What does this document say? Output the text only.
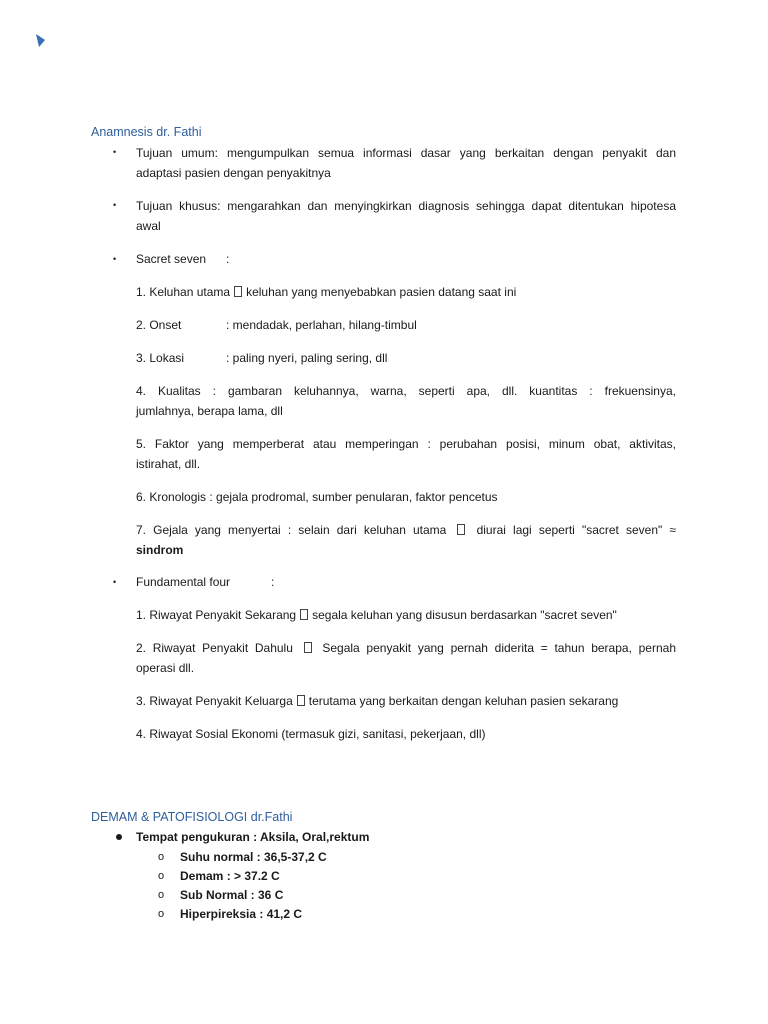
Anamnesis dr. Fathi
• Tujuan umum: mengumpulkan semua informasi dasar yang berkaitan dengan penyakit dan
adaptasi pasien dengan penyakitnya
• Tujuan khusus: mengarahkan dan menyingkirkan diagnosis sehingga dapat ditentukan hipotesa
awal
• Sacret seven :
1. Keluhan utama keluhan yang menyebabkan pasien datang saat ini
2. Onset	: mendadak, perlahan, hilang-timbul
3. Lokasi	: paling nyeri, paling sering, dll
4. Kualitas : gambaran keluhannya, warna, seperti apa, dll. kuantitas : frekuensinya,
jumlahnya, berapa lama, dll
5. Faktor yang memperberat atau memperingan : perubahan posisi, minum obat, aktivitas,
istirahat, dll.
6. Kronologis : gejala prodromal, sumber penularan, faktor pencetus
7. Gejala yang menyertai : selain dari keluhan utama	diurai lagi seperti "sacret seven" ≈
sindrom
• Fundamental four	:
1. Riwayat Penyakit Sekarang segala keluhan yang disusun berdasarkan "sacret seven"
2. Riwayat Penyakit Dahulu Segala penyakit yang pernah diderita = tahun berapa, pernah
operasi dll.
3. Riwayat Penyakit Keluarga terutama yang berkaitan dengan keluhan pasien sekarang
4. Riwayat Sosial Ekonomi (termasuk gizi, sanitasi, pekerjaan, dll)
DEMAM & PATOFISIOLOGI dr.Fathi
Tempat pengukuran : Aksila, Oral,rektum
o Suhu normal : 36,5-37,2 C
o Demam : > 37.2 C
o Sub Normal : 36 C
o Hiperpireksia : 41,2 C
